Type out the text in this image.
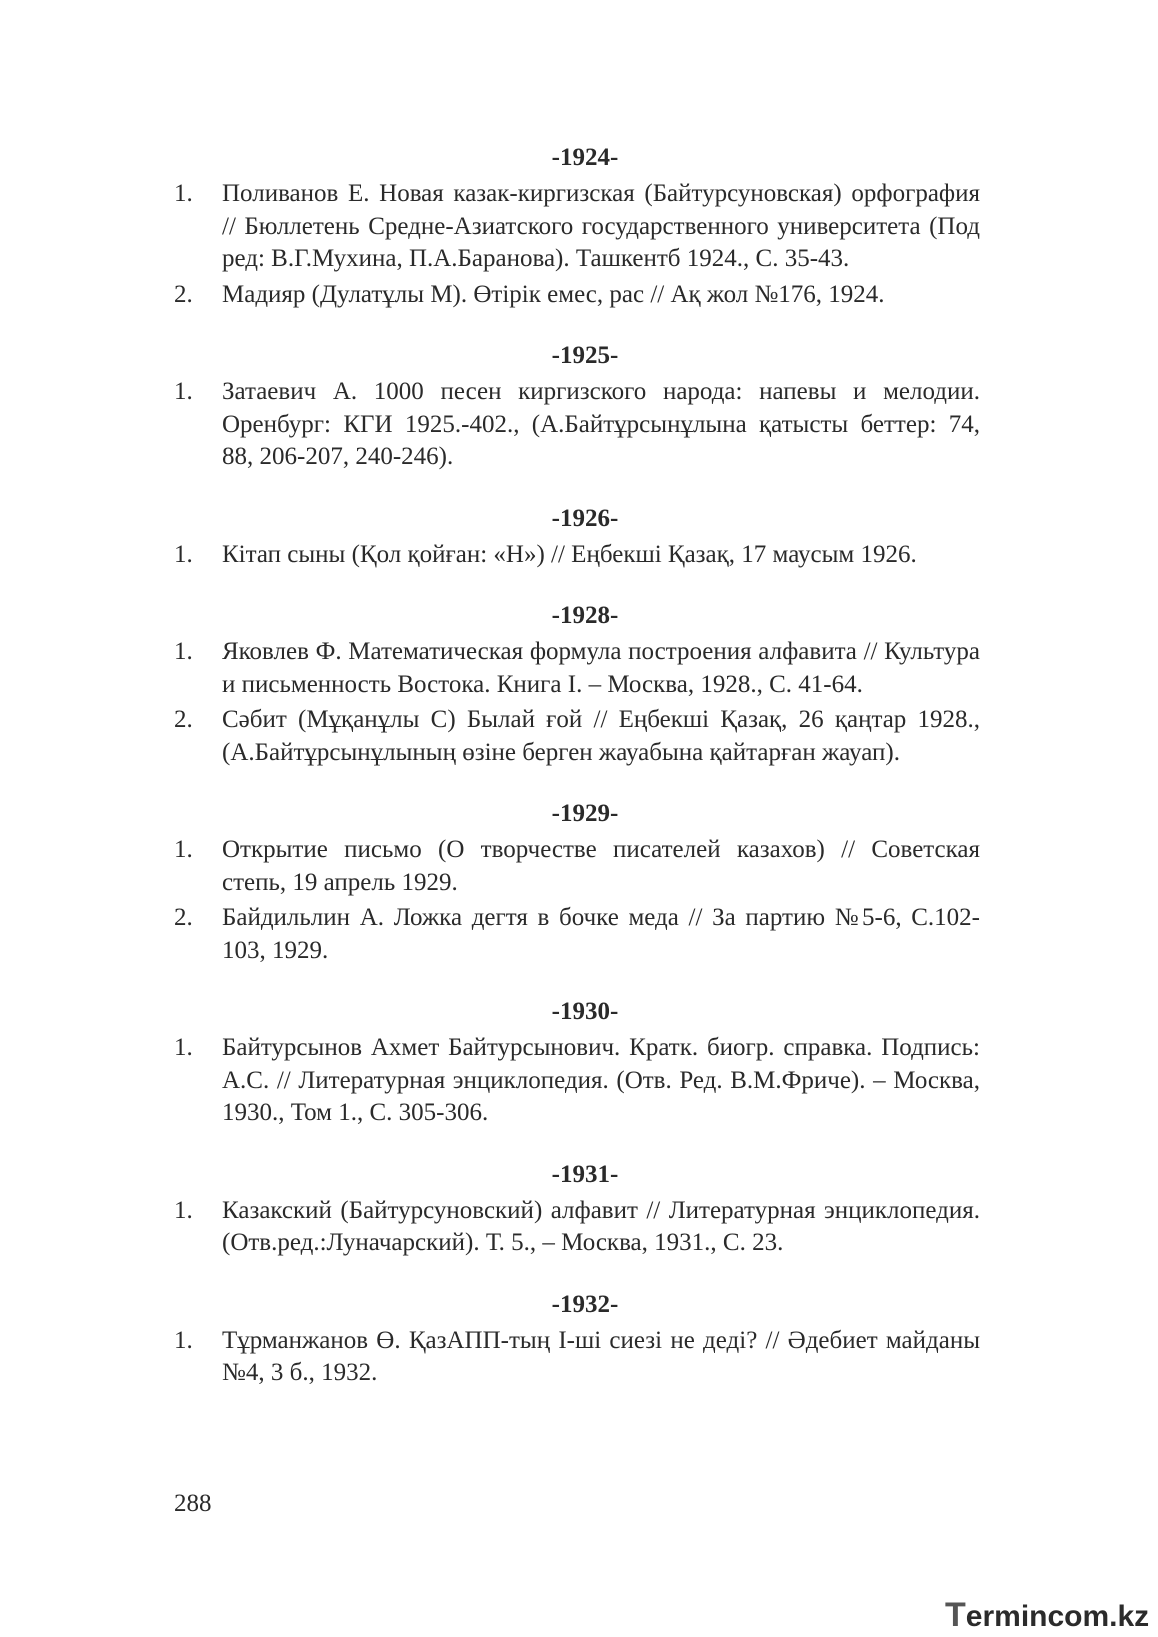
-1924-
1.	Поливанов Е. Новая казак-киргизская (Байтурсуновская) орфография // Бюллетень Средне-Азиатского государственного университета (Под ред: В.Г.Мухина, П.А.Баранова). Ташкентб 1924., С. 35-43.
2.	Мадияр (Дулатұлы М). Өтірік емес, рас // Ақ жол №176, 1924.
-1925-
1.	Затаевич А. 1000 песен киргизского народа: напевы и мелодии. Оренбург: КГИ 1925.-402., (А.Байтұрсынұлына қатысты беттер: 74, 88, 206-207, 240-246).
-1926-
1.	Кітап сыны (Қол қойған: «Н») // Еңбекші Қазақ, 17 маусым 1926.
-1928-
1.	Яковлев Ф. Математическая формула построения алфавита // Культура и письменность Востока. Книга I. – Москва, 1928., С. 41-64.
2.	Сәбит (Мұқанұлы С) Былай ғой // Еңбекші Қазақ, 26 қаңтар 1928., (А.Байтұрсынұлының өзіне берген жауабына қайтарған жауап).
-1929-
1.	Открытие письмо (О творчестве писателей казахов) // Советская степь, 19 апрель 1929.
2.	Байдильлин А. Ложка дегтя в бочке меда // За партию №5-6, С.102-103, 1929.
-1930-
1.	Байтурсынов Ахмет Байтурсынович. Кратк. биогр. справка. Подпись: А.С. // Литературная энциклопедия. (Отв. Ред. В.М.Фриче). – Москва, 1930., Том 1., С. 305-306.
-1931-
1.	Казакский (Байтурсуновский) алфавит // Литературная энциклопедия. (Отв.ред.:Луначарский). Т. 5., – Москва, 1931., С. 23.
-1932-
1.	Тұрманжанов Ө. ҚазАПП-тың І-ші сиезі не деді? // Әдебиет майданы №4, 3 б., 1932.
288
Termincom.kz
